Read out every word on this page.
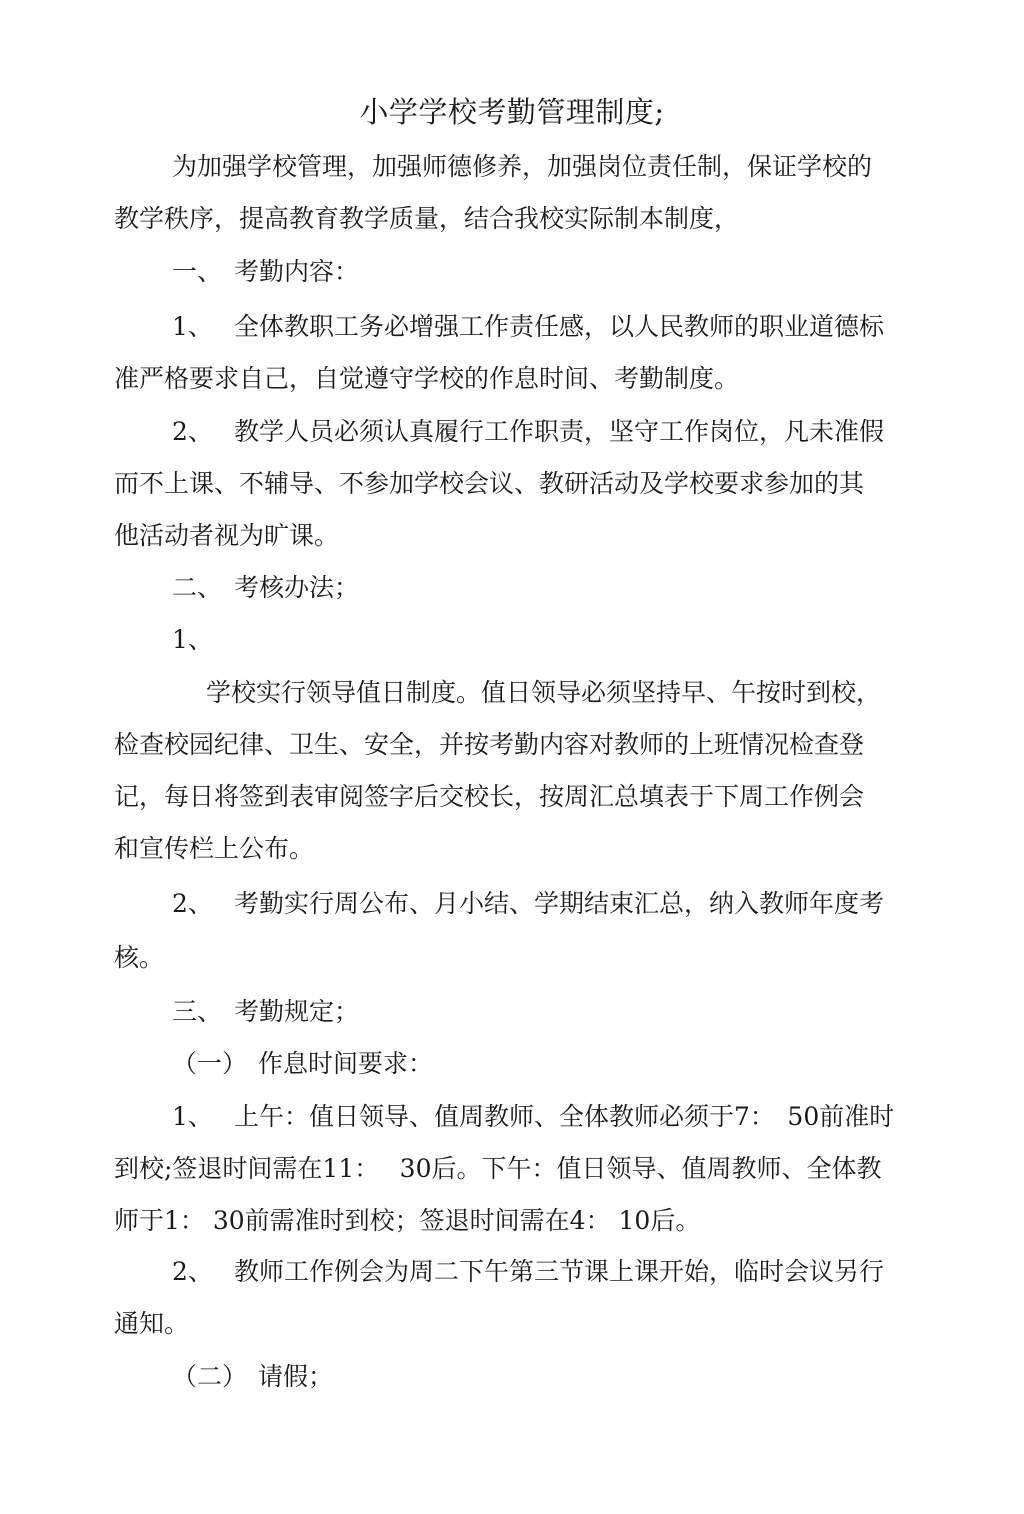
小学学校考勤管理制度;
为加强学校管理，加强师德修养，加强岗位责任制，保证学校的
教学秩序，提高教育教学质量，结合我校实际制本制度，
一、 考勤内容：
1、 全体教职工务必增强工作责任感，以人民教师的职业道德标
准严格要求自己，自觉遵守学校的作息时间、考勤制度。
2、 教学人员必须认真履行工作职责，坚守工作岗位，凡未准假
而不上课、不辅导、不参加学校会议、教研活动及学校要求参加的其
他活动者视为旷课。
二、 考核办法；
1、
学校实行领导值日制度。值日领导必须坚持早、午按时到校，
检查校园纪律、卫生、安全，并按考勤内容对教师的上班情况检查登
记，每日将签到表审阅签字后交校长，按周汇总填表于下周工作例会
和宣传栏上公布。
2、 考勤实行周公布、月小结、学期结束汇总，纳入教师年度考
核。
三、 考勤规定；
（一） 作息时间要求：
1、 上午：值日领导、值周教师、全体教师必须于7：　50前准时
到校;签退时间需在11：　 30后。下午：值日领导、值周教师、全体教
师于1： 30前需准时到校；签退时间需在4： 10后。
2、 教师工作例会为周二下午第三节课上课开始，临时会议另行
通知。
（二） 请假；
